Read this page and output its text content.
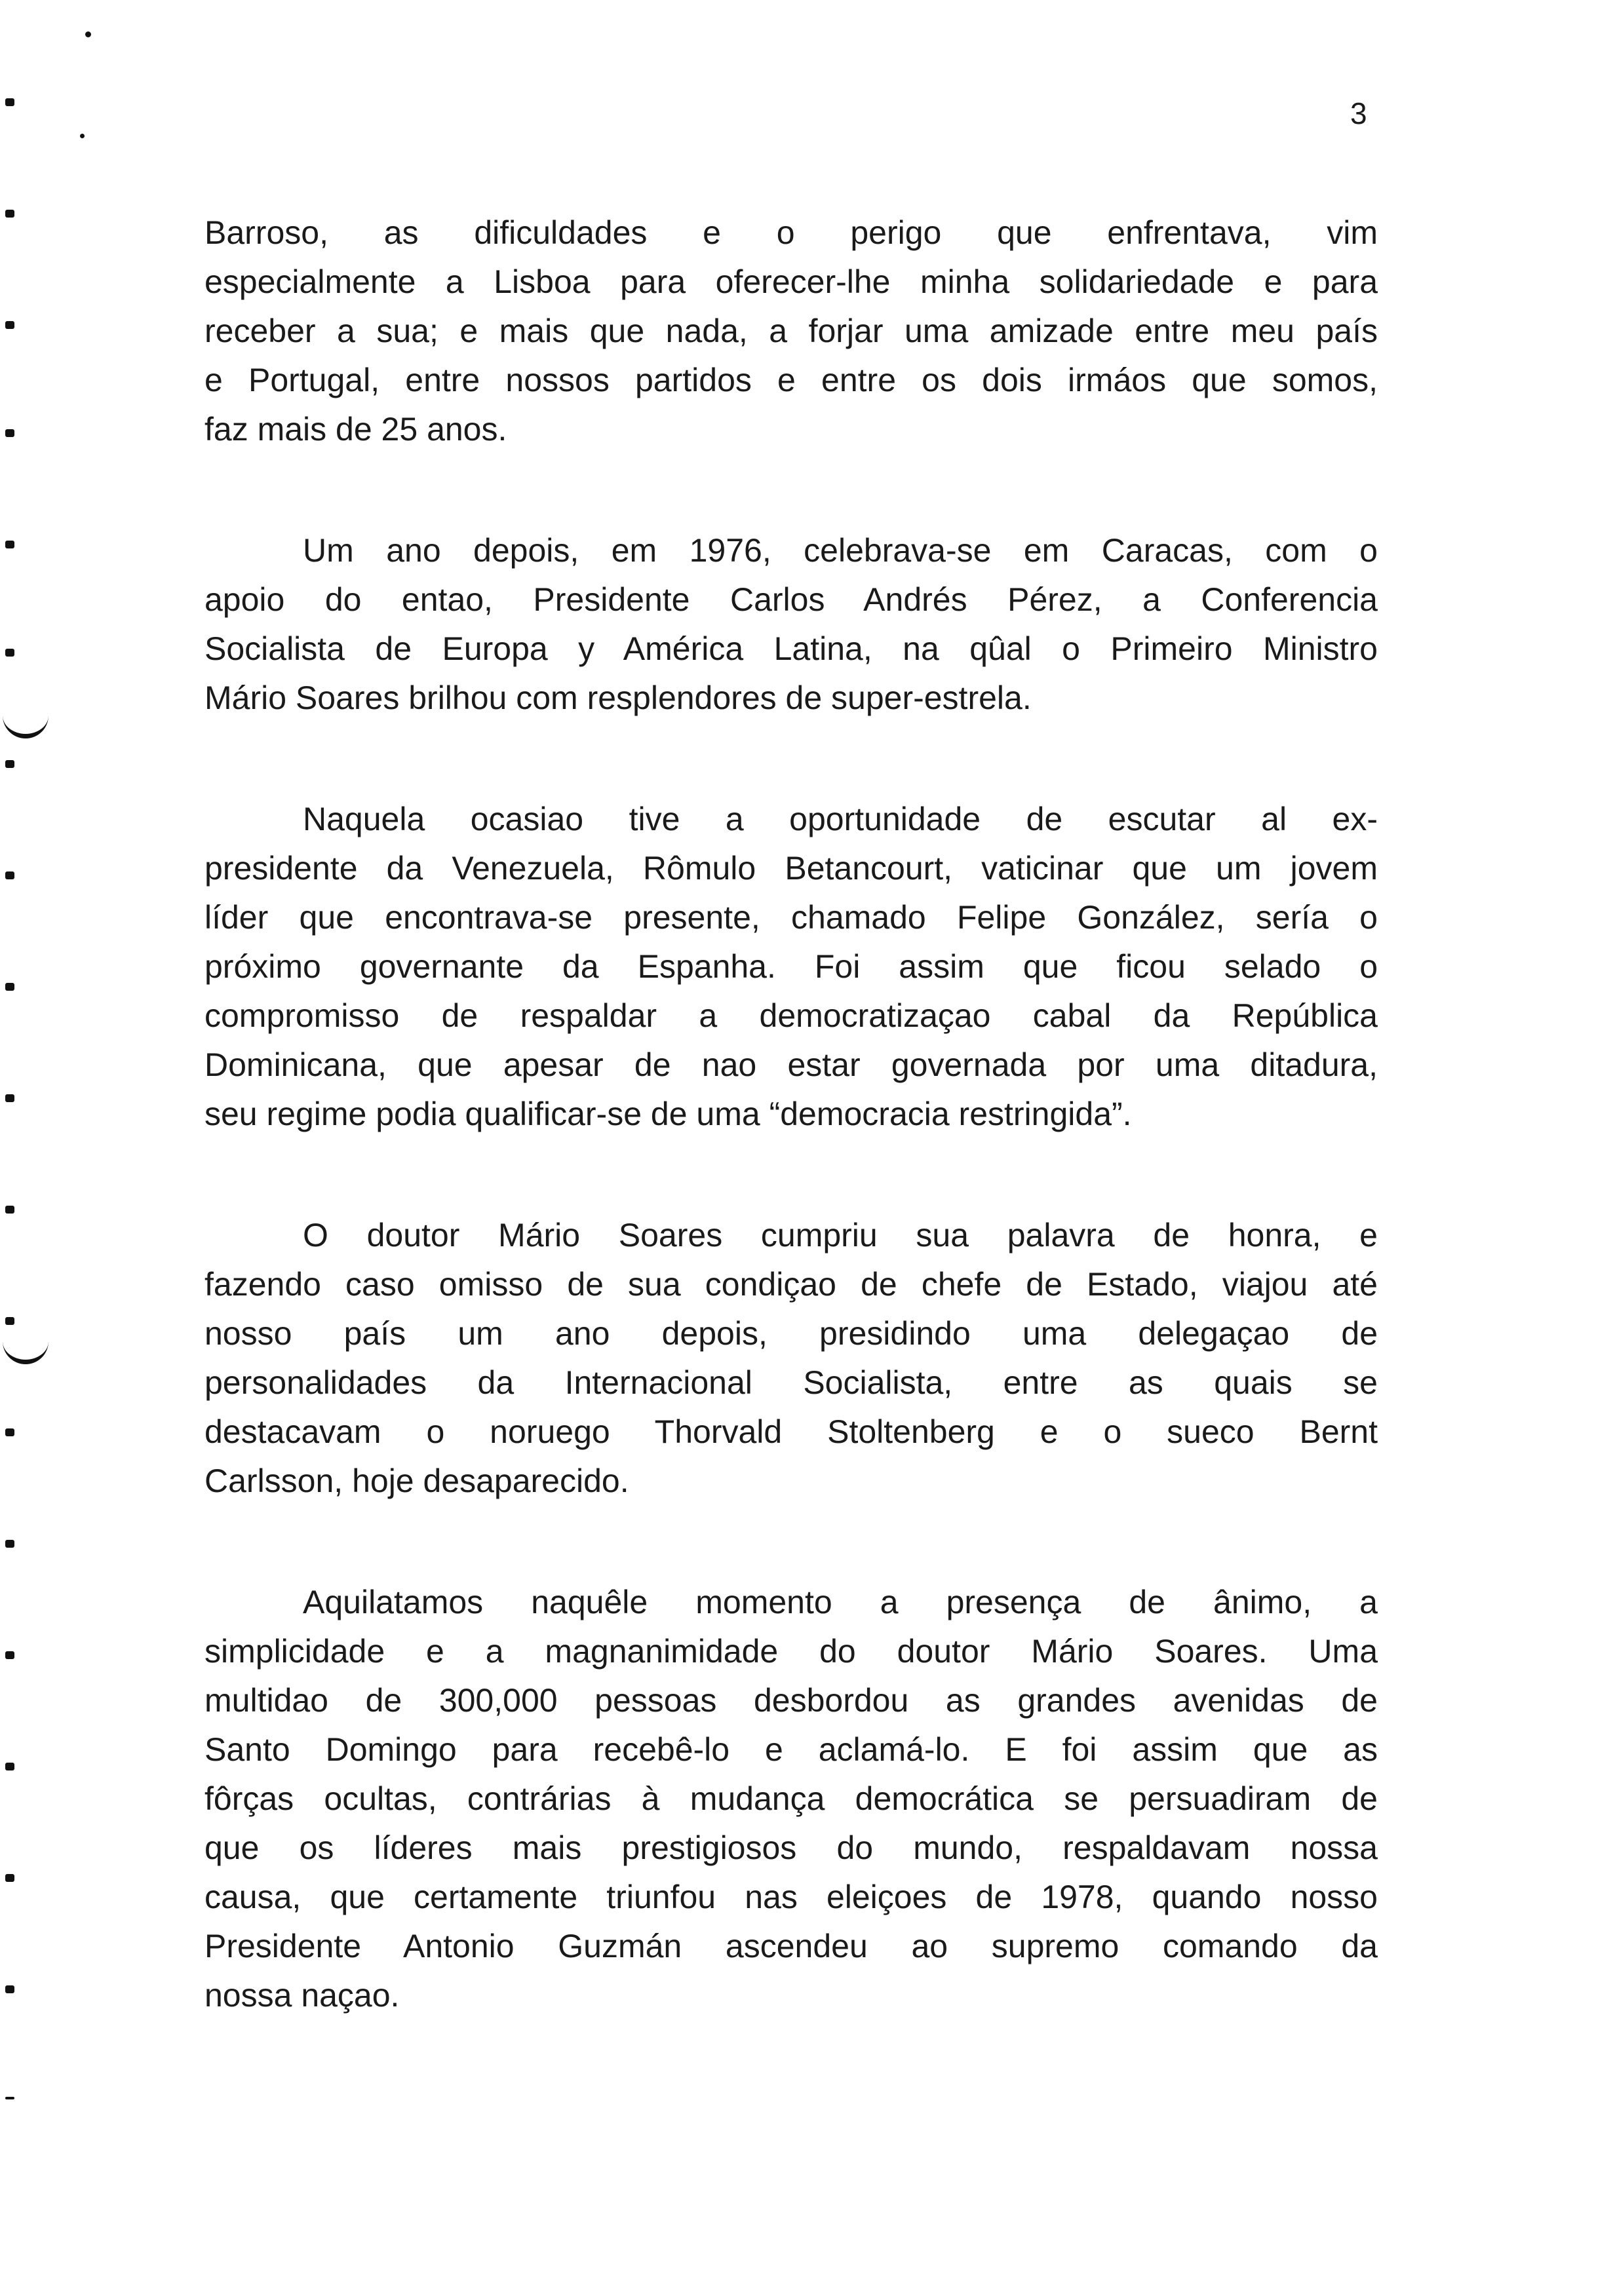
3

Barroso, as dificuldades e o perigo que enfrentava, vim
especialmente a Lisboa para oferecer-lhe minha solidariedade e para
receber a sua; e mais que nada, a forjar uma amizade entre meu país
e Portugal, entre nossos partidos e entre os dois irmáos que somos,
faz mais de 25 anos.

Um ano depois, em 1976, celebrava-se em Caracas, com o
apoio do entao, Presidente Carlos Andrés Pérez, a Conferencia
Socialista de Europa y América Latina, na qûal o Primeiro Ministro
Mário Soares brilhou com resplendores de super-estrela.

Naquela ocasiao tive a oportunidade de escutar al ex-
presidente da Venezuela, Rômulo Betancourt, vaticinar que um jovem
líder que encontrava-se presente, chamado Felipe González, sería o
próximo governante da Espanha. Foi assim que ficou selado o
compromisso de respaldar a democratizaçao cabal da República
Dominicana, que apesar de nao estar governada por uma ditadura,
seu regime podia qualificar-se de uma “democracia restringida”.

O doutor Mário Soares cumpriu sua palavra de honra, e
fazendo caso omisso de sua condiçao de chefe de Estado, viajou até
nosso país um ano depois, presidindo uma delegaçao de
personalidades da Internacional Socialista, entre as quais se
destacavam o noruego Thorvald Stoltenberg e o sueco Bernt
Carlsson, hoje desaparecido.

Aquilatamos naquêle momento a presença de ânimo, a
simplicidade e a magnanimidade do doutor Mário Soares. Uma
multidao de 300,000 pessoas desbordou as grandes avenidas de
Santo Domingo para recebê-lo e aclamá-lo. E foi assim que as
fôrças ocultas, contrárias à mudança democrática se persuadiram de
que os líderes mais prestigiosos do mundo, respaldavam nossa
causa, que certamente triunfou nas eleiçoes de 1978, quando nosso
Presidente Antonio Guzmán ascendeu ao supremo comando da
nossa naçao.
